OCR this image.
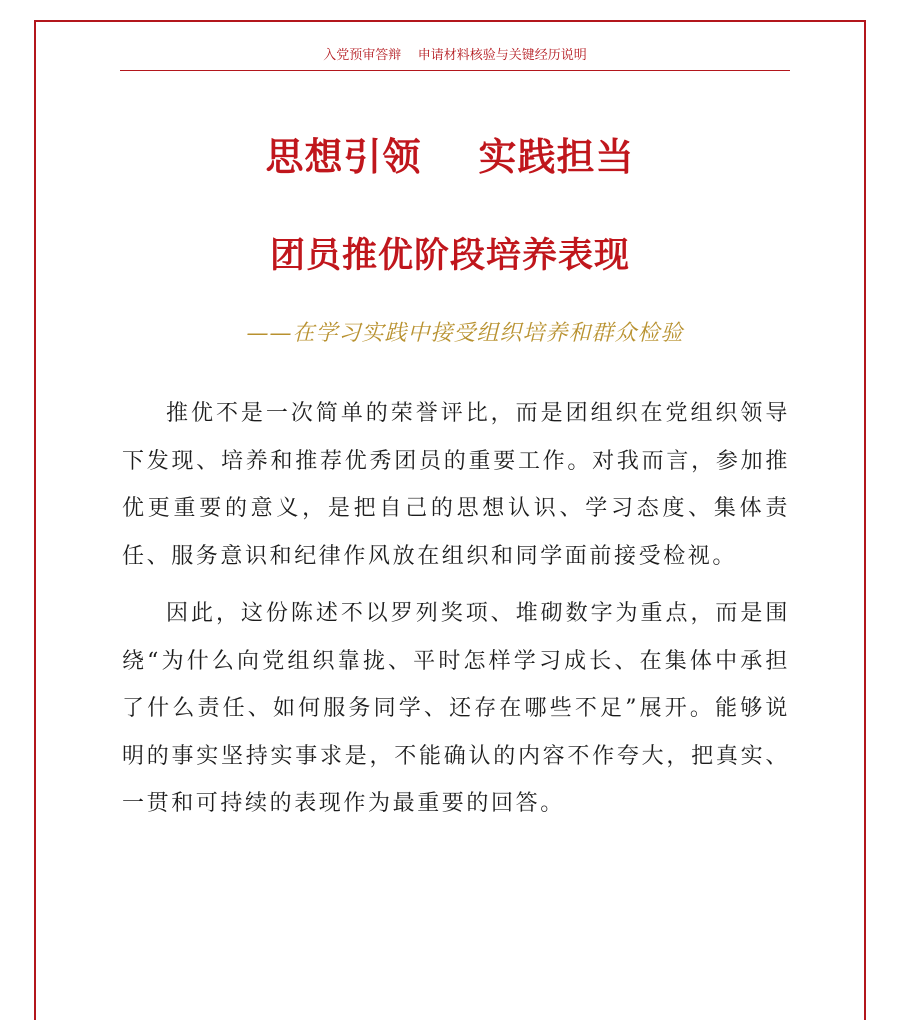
入党预审答辩    申请材料核验与关键经历说明
思想引领    实践担当
团员推优阶段培养表现
——在学习实践中接受组织培养和群众检验

推优不是一次简单的荣誉评比，而是团组织在党组织领导下发现、培养和推荐优秀团员的重要工作。对我而言，参加推优更重要的意义，是把自己的思想认识、学习态度、集体责任、服务意识和纪律作风放在组织和同学面前接受检视。

因此，这份陈述不以罗列奖项、堆砌数字为重点，而是围绕“为什么向党组织靠拢、平时怎样学习成长、在集体中承担了什么责任、如何服务同学、还存在哪些不足”展开。能够说明的事实坚持实事求是，不能确认的内容不作夸大，把真实、一贯和可持续的表现作为最重要的回答。
